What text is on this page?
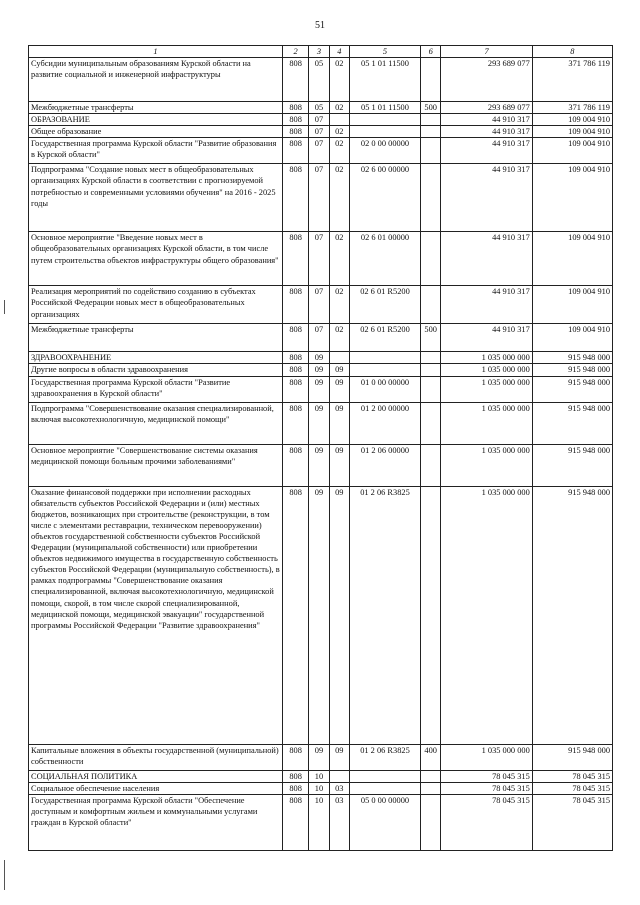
51
1	2	3	4	5	6	7	8
Субсидии муниципальным образованиям Курской области на развитие социальной и инженерной инфраструктуры	808	05	02	05 1 01 11500		293 689 077	371 786 119
Межбюджетные трансферты	808	05	02	05 1 01 11500	500	293 689 077	371 786 119
ОБРАЗОВАНИЕ	808	07				44 910 317	109 004 910
Общее образование	808	07	02			44 910 317	109 004 910
Государственная программа Курской области "Развитие образования в Курской области"	808	07	02	02 0 00 00000		44 910 317	109 004 910
Подпрограмма "Создание новых мест в общеобразовательных организациях Курской области в соответствии с прогнозируемой потребностью и современными условиями обучения" на 2016 - 2025 годы	808	07	02	02 6 00 00000		44 910 317	109 004 910
Основное мероприятие "Введение новых мест в общеобразовательных организациях Курской области, в том числе путем строительства объектов инфраструктуры общего образования"	808	07	02	02 6 01 00000		44 910 317	109 004 910
Реализация мероприятий по содействию созданию в субъектах Российской Федерации новых мест в общеобразовательных организациях	808	07	02	02 6 01 R5200		44 910 317	109 004 910
Межбюджетные трансферты	808	07	02	02 6 01 R5200	500	44 910 317	109 004 910
ЗДРАВООХРАНЕНИЕ	808	09				1 035 000 000	915 948 000
Другие вопросы в области здравоохранения	808	09	09			1 035 000 000	915 948 000
Государственная программа Курской области "Развитие здравоохранения в Курской области"	808	09	09	01 0 00 00000		1 035 000 000	915 948 000
Подпрограмма "Совершенствование оказания специализированной, включая высокотехнологичную, медицинской помощи"	808	09	09	01 2 00 00000		1 035 000 000	915 948 000
Основное мероприятие "Совершенствование системы оказания медицинской помощи больным прочими заболеваниями"	808	09	09	01 2 06 00000		1 035 000 000	915 948 000
Оказание финансовой поддержки при исполнении расходных обязательств субъектов Российской Федерации и (или) местных бюджетов, возникающих при строительстве (реконструкции, в том числе с элементами реставрации, техническом перевооружении) объектов государственной собственности субъектов Российской Федерации (муниципальной собственности) или приобретении объектов недвижимого имущества в государственную собственность субъектов Российской Федерации (муниципальную собственность), в рамках подпрограммы "Совершенствование оказания специализированной, включая высокотехнологичную, медицинской помощи, скорой, в том числе скорой специализированной, медицинской помощи, медицинской эвакуации" государственной программы Российской Федерации "Развитие здравоохранения"	808	09	09	01 2 06 R3825		1 035 000 000	915 948 000
Капитальные вложения в объекты государственной (муниципальной) собственности	808	09	09	01 2 06 R3825	400	1 035 000 000	915 948 000
СОЦИАЛЬНАЯ ПОЛИТИКА	808	10				78 045 315	78 045 315
Социальное обеспечение населения	808	10	03			78 045 315	78 045 315
Государственная программа Курской области "Обеспечение доступным и комфортным жильем и коммунальными услугами граждан в Курской области"	808	10	03	05 0 00 00000		78 045 315	78 045 315
